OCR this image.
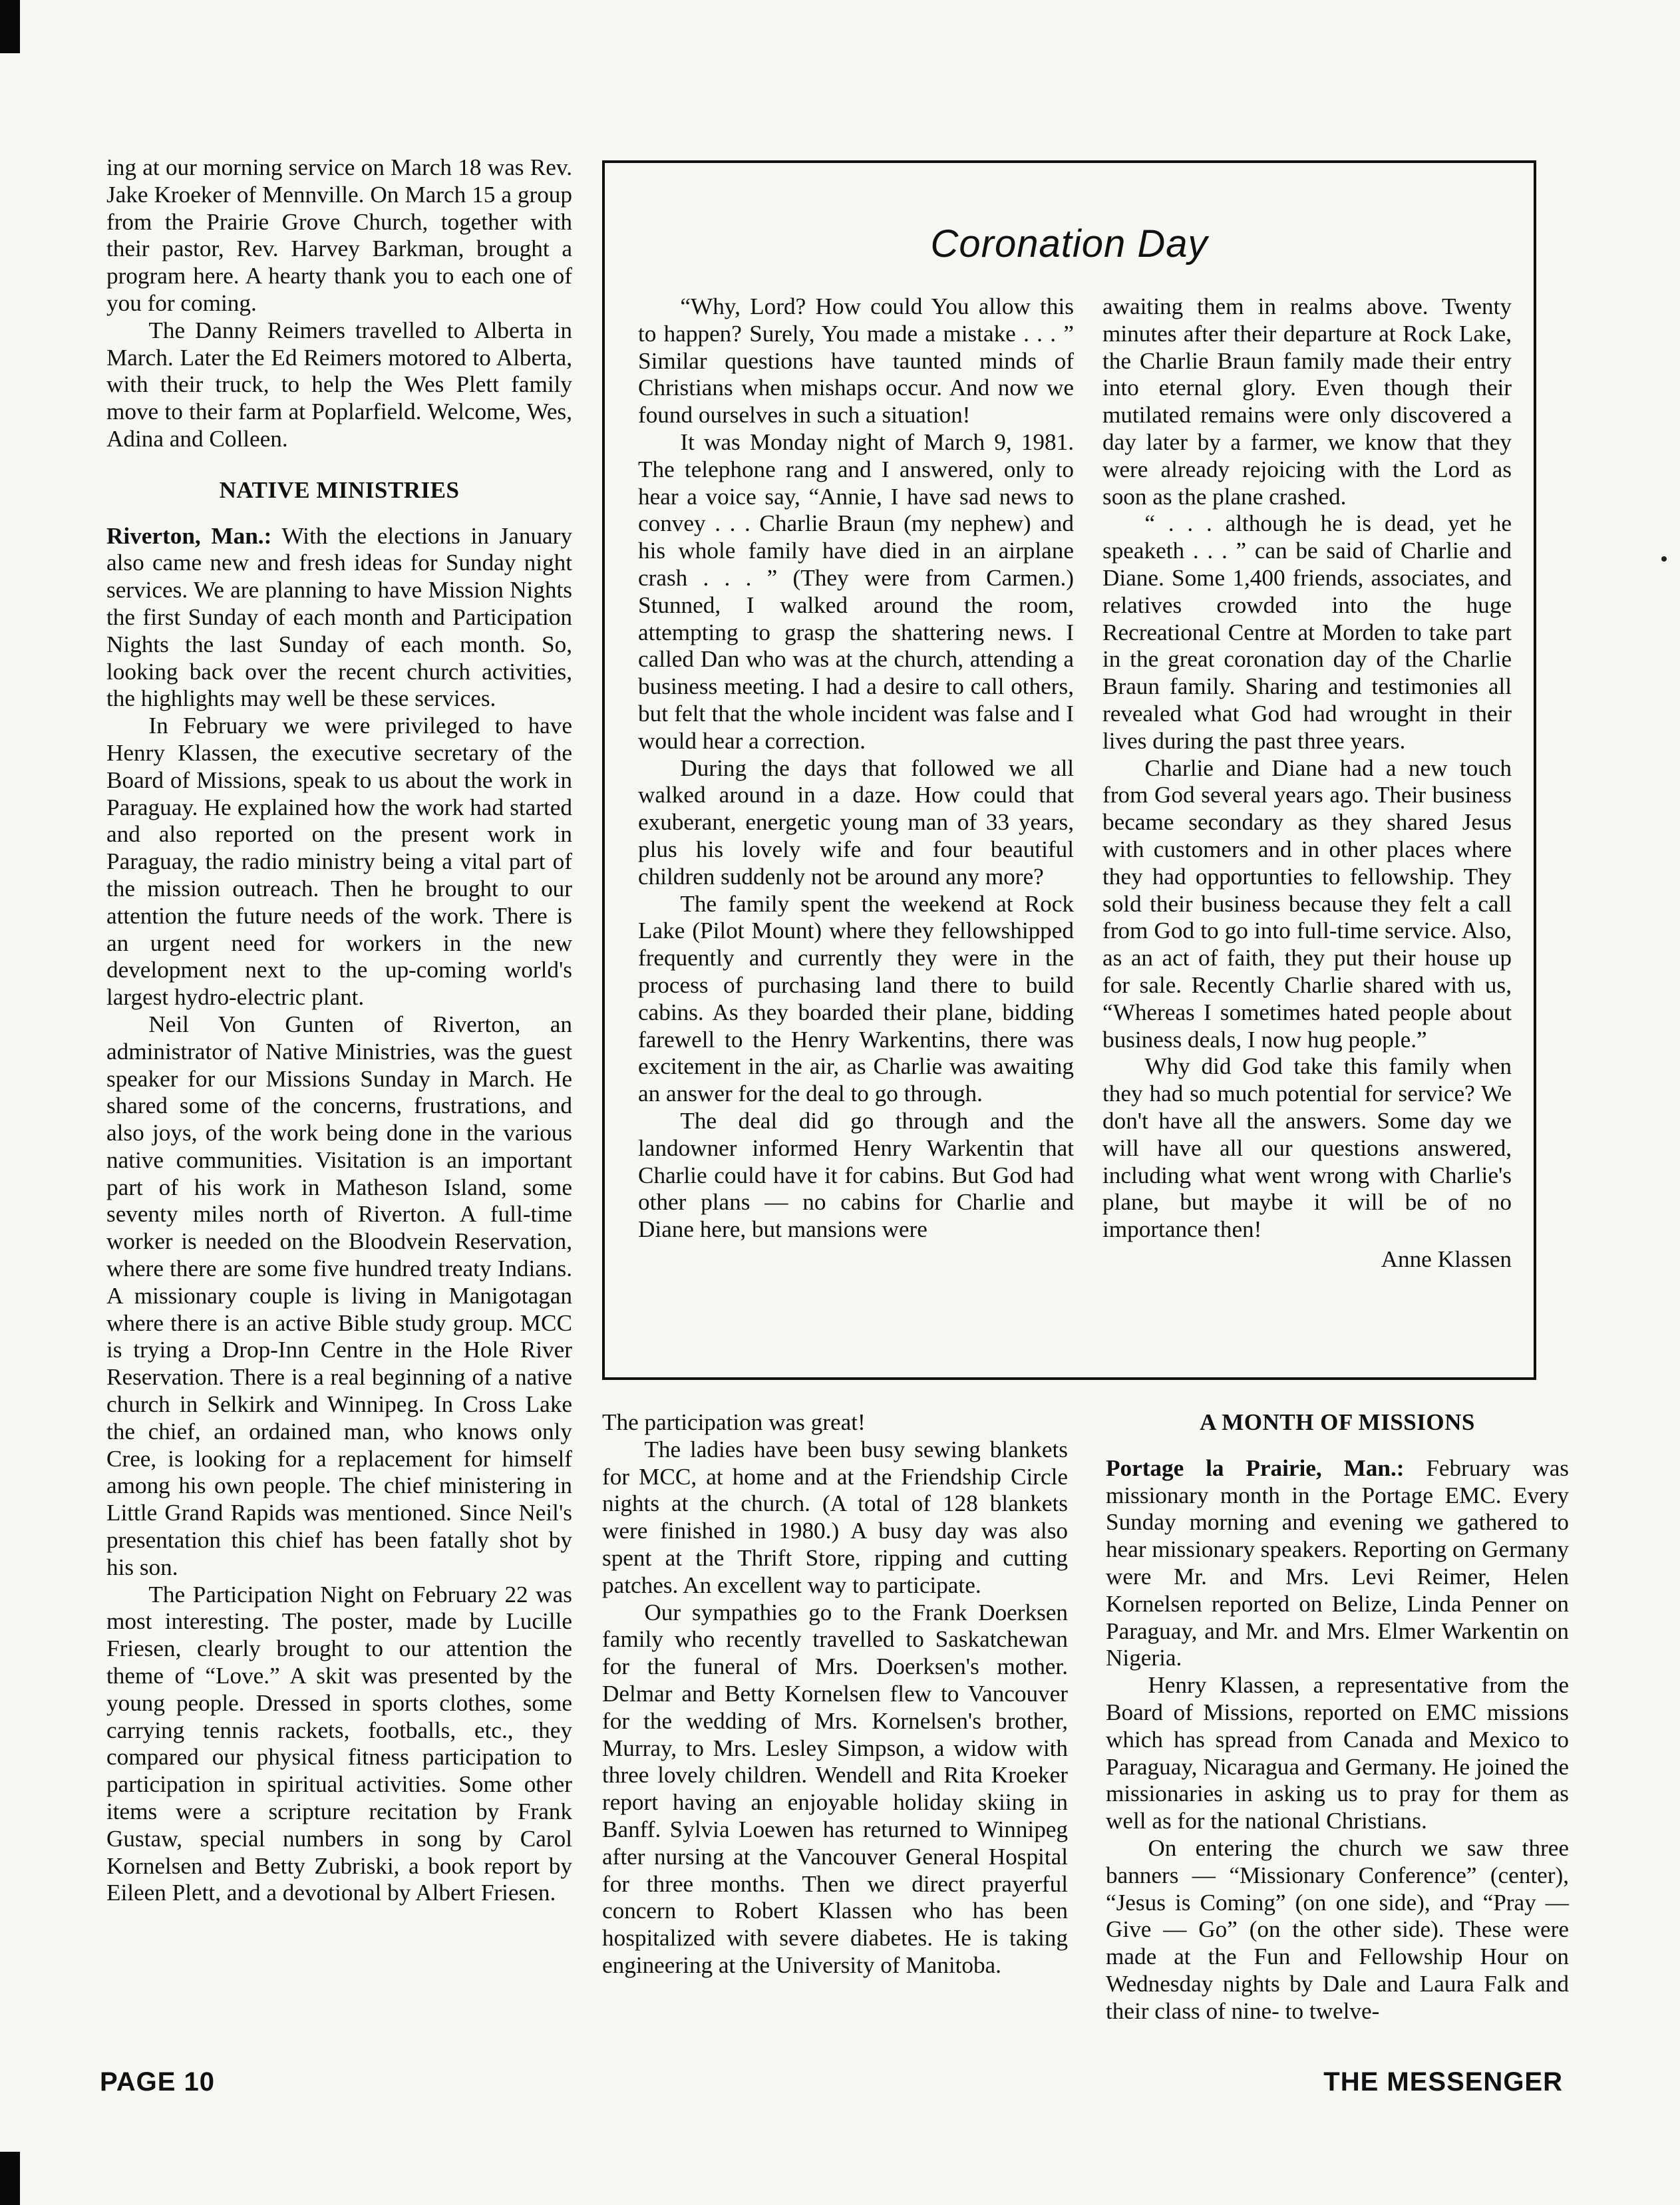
ing at our morning service on March 18 was Rev. Jake Kroeker of Mennville. On March 15 a group from the Prairie Grove Church, together with their pastor, Rev. Harvey Barkman, brought a program here. A hearty thank you to each one of you for coming.

The Danny Reimers travelled to Alberta in March. Later the Ed Reimers motored to Alberta, with their truck, to help the Wes Plett family move to their farm at Poplarfield. Welcome, Wes, Adina and Colleen.

NATIVE MINISTRIES

Riverton, Man.: With the elections in January also came new and fresh ideas for Sunday night services. We are planning to have Mission Nights the first Sunday of each month and Participation Nights the last Sunday of each month. So, looking back over the recent church activities, the highlights may well be these services.

In February we were privileged to have Henry Klassen, the executive secretary of the Board of Missions, speak to us about the work in Paraguay. He explained how the work had started and also reported on the present work in Paraguay, the radio ministry being a vital part of the mission outreach. Then he brought to our attention the future needs of the work. There is an urgent need for workers in the new development next to the up-coming world's largest hydro-electric plant.

Neil Von Gunten of Riverton, an administrator of Native Ministries, was the guest speaker for our Missions Sunday in March. He shared some of the concerns, frustrations, and also joys, of the work being done in the various native communities. Visitation is an important part of his work in Matheson Island, some seventy miles north of Riverton. A full-time worker is needed on the Bloodvein Reservation, where there are some five hundred treaty Indians. A missionary couple is living in Manigotagan where there is an active Bible study group. MCC is trying a Drop-Inn Centre in the Hole River Reservation. There is a real beginning of a native church in Selkirk and Winnipeg. In Cross Lake the chief, an ordained man, who knows only Cree, is looking for a replacement for himself among his own people. The chief ministering in Little Grand Rapids was mentioned. Since Neil's presentation this chief has been fatally shot by his son.

The Participation Night on February 22 was most interesting. The poster, made by Lucille Friesen, clearly brought to our attention the theme of “Love.” A skit was presented by the young people. Dressed in sports clothes, some carrying tennis rackets, footballs, etc., they compared our physical fitness participation to participation in spiritual activities. Some other items were a scripture recitation by Frank Gustaw, special numbers in song by Carol Kornelsen and Betty Zubriski, a book report by Eileen Plett, and a devotional by Albert Friesen.

Coronation Day

“Why, Lord? How could You allow this to happen? Surely, You made a mistake . . . ” Similar questions have taunted minds of Christians when mishaps occur. And now we found ourselves in such a situation!

It was Monday night of March 9, 1981. The telephone rang and I answered, only to hear a voice say, “Annie, I have sad news to convey . . . Charlie Braun (my nephew) and his whole family have died in an airplane crash . . . ” (They were from Carmen.) Stunned, I walked around the room, attempting to grasp the shattering news. I called Dan who was at the church, attending a business meeting. I had a desire to call others, but felt that the whole incident was false and I would hear a correction.

During the days that followed we all walked around in a daze. How could that exuberant, energetic young man of 33 years, plus his lovely wife and four beautiful children suddenly not be around any more?

The family spent the weekend at Rock Lake (Pilot Mount) where they fellowshipped frequently and currently they were in the process of purchasing land there to build cabins. As they boarded their plane, bidding farewell to the Henry Warkentins, there was excitement in the air, as Charlie was awaiting an answer for the deal to go through.

The deal did go through and the landowner informed Henry Warkentin that Charlie could have it for cabins. But God had other plans — no cabins for Charlie and Diane here, but mansions were

awaiting them in realms above. Twenty minutes after their departure at Rock Lake, the Charlie Braun family made their entry into eternal glory. Even though their mutilated remains were only discovered a day later by a farmer, we know that they were already rejoicing with the Lord as soon as the plane crashed.

“ . . . although he is dead, yet he speaketh . . . ” can be said of Charlie and Diane. Some 1,400 friends, associates, and relatives crowded into the huge Recreational Centre at Morden to take part in the great coronation day of the Charlie Braun family. Sharing and testimonies all revealed what God had wrought in their lives during the past three years.

Charlie and Diane had a new touch from God several years ago. Their business became secondary as they shared Jesus with customers and in other places where they had opportunties to fellowship. They sold their business because they felt a call from God to go into full-time service. Also, as an act of faith, they put their house up for sale. Recently Charlie shared with us, “Whereas I sometimes hated people about business deals, I now hug people.”

Why did God take this family when they had so much potential for service? We don't have all the answers. Some day we will have all our questions answered, including what went wrong with Charlie's plane, but maybe it will be of no importance then!

Anne Klassen

The participation was great!

The ladies have been busy sewing blankets for MCC, at home and at the Friendship Circle nights at the church. (A total of 128 blankets were finished in 1980.) A busy day was also spent at the Thrift Store, ripping and cutting patches. An excellent way to participate.

Our sympathies go to the Frank Doerksen family who recently travelled to Saskatchewan for the funeral of Mrs. Doerksen's mother. Delmar and Betty Kornelsen flew to Vancouver for the wedding of Mrs. Kornelsen's brother, Murray, to Mrs. Lesley Simpson, a widow with three lovely children. Wendell and Rita Kroeker report having an enjoyable holiday skiing in Banff. Sylvia Loewen has returned to Winnipeg after nursing at the Vancouver General Hospital for three months. Then we direct prayerful concern to Robert Klassen who has been hospitalized with severe diabetes. He is taking engineering at the University of Manitoba.

A MONTH OF MISSIONS

Portage la Prairie, Man.: February was missionary month in the Portage EMC. Every Sunday morning and evening we gathered to hear missionary speakers. Reporting on Germany were Mr. and Mrs. Levi Reimer, Helen Kornelsen reported on Belize, Linda Penner on Paraguay, and Mr. and Mrs. Elmer Warkentin on Nigeria.

Henry Klassen, a representative from the Board of Missions, reported on EMC missions which has spread from Canada and Mexico to Paraguay, Nicaragua and Germany. He joined the missionaries in asking us to pray for them as well as for the national Christians.

On entering the church we saw three banners — “Missionary Conference” (center), “Jesus is Coming” (on one side), and “Pray — Give — Go” (on the other side). These were made at the Fun and Fellowship Hour on Wednesday nights by Dale and Laura Falk and their class of nine- to twelve-

PAGE 10	THE MESSENGER
